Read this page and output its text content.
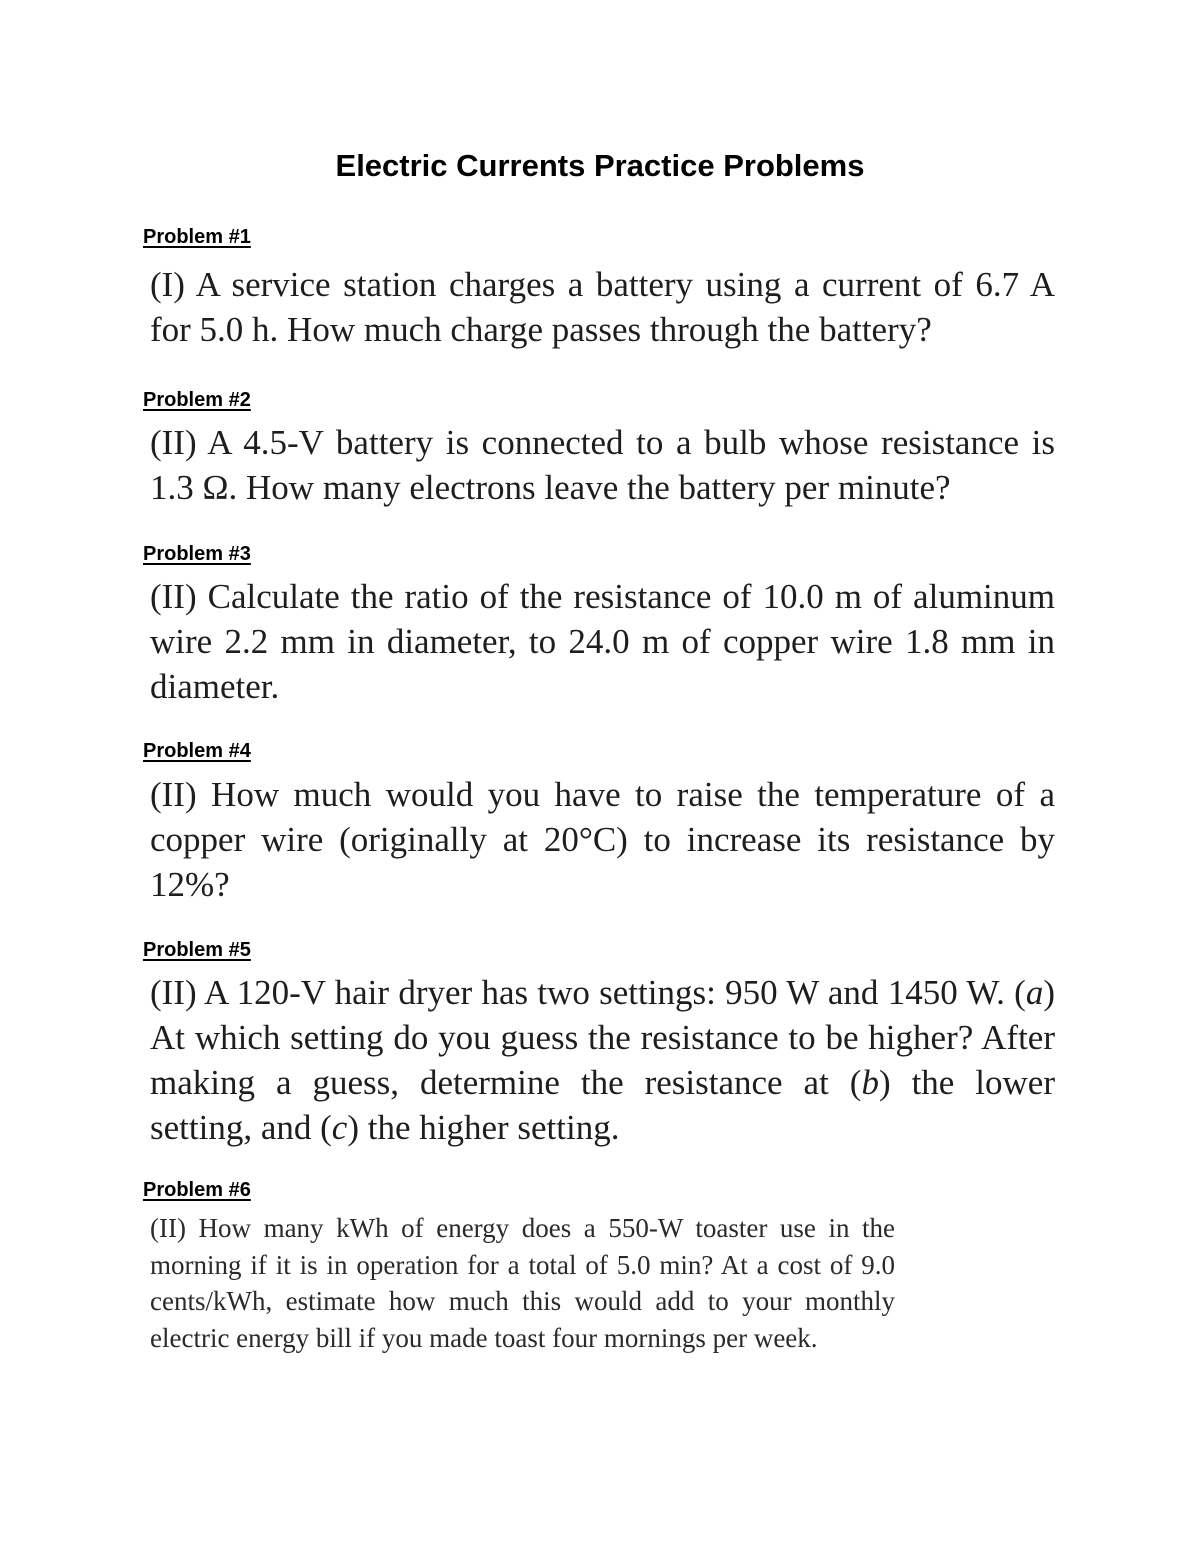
Electric Currents Practice Problems
Problem #1

(I) A service station charges a battery using a current of 6.7 A for 5.0 h. How much charge passes through the battery?

Problem #2

(II) A 4.5-V battery is connected to a bulb whose resistance is 1.3 Ω. How many electrons leave the battery per minute?

Problem #3

(II) Calculate the ratio of the resistance of 10.0 m of aluminum wire 2.2 mm in diameter, to 24.0 m of copper wire 1.8 mm in diameter.

Problem #4

(II) How much would you have to raise the temperature of a copper wire (originally at 20°C) to increase its resistance by 12%?

Problem #5

(II) A 120-V hair dryer has two settings: 950 W and 1450 W. (a) At which setting do you guess the resistance to be higher? After making a guess, determine the resistance at (b) the lower setting, and (c) the higher setting.

Problem #6

(II) How many kWh of energy does a 550-W toaster use in the morning if it is in operation for a total of 5.0 min? At a cost of 9.0 cents/kWh, estimate how much this would add to your monthly electric energy bill if you made toast four mornings per week.
